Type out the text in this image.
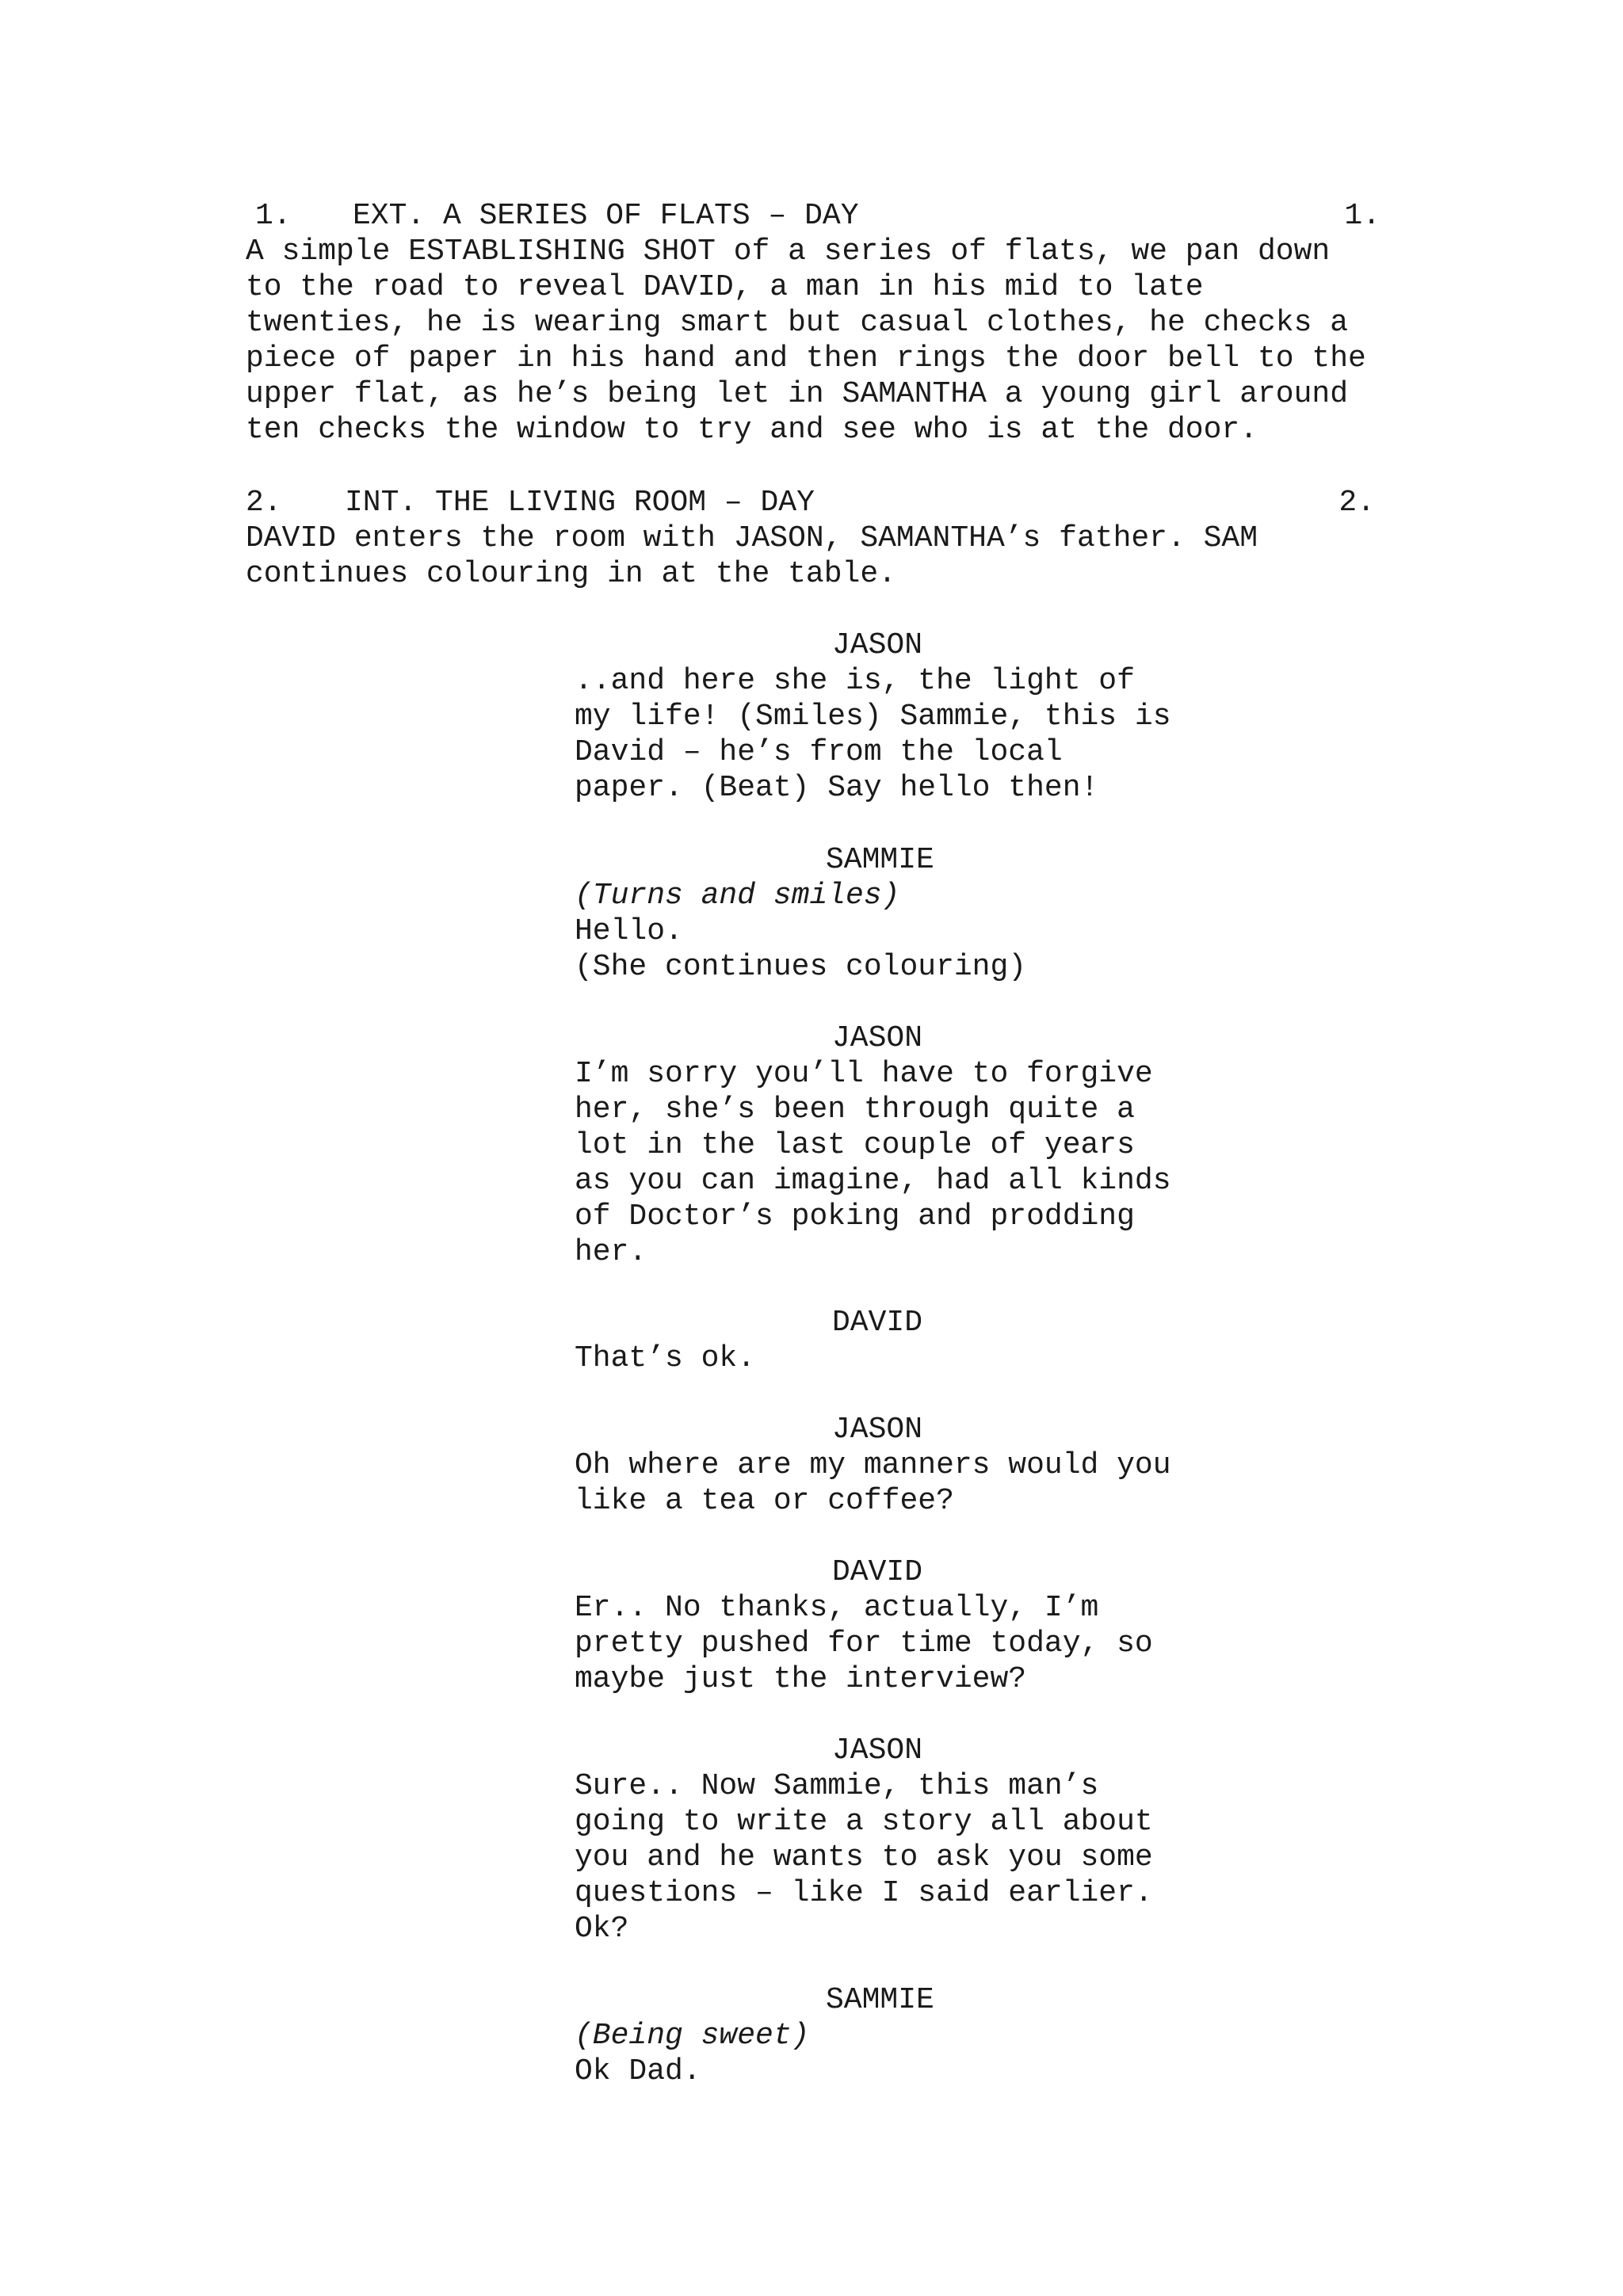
1.

EXT. A SERIES OF FLATS – DAY

	1.

A simple ESTABLISHING SHOT of a series of flats, we pan down
to the road to reveal DAVID, a man in his mid to late
twenties, he is wearing smart but casual clothes, he checks a
piece of paper in his hand and then rings the door bell to the
upper flat, as he’s being let in SAMANTHA a young girl around
ten checks the window to try and see who is at the door.

2.

INT. THE LIVING ROOM – DAY

	2.

DAVID enters the room with JASON, SAMANTHA’s father. SAM
continues colouring in at the table.
JASON
..and here she is, the light of
my life! (Smiles) Sammie, this is
David – he’s from the local
paper. (Beat) Say hello then!
SAMMIE
(Turns and smiles)
Hello.
(She continues colouring)
JASON
I’m sorry you’ll have to forgive
her, she’s been through quite a
lot in the last couple of years
as you can imagine, had all kinds
of Doctor’s poking and prodding
her.
DAVID
That’s ok.
JASON
Oh where are my manners would you
like a tea or coffee?
DAVID
Er.. No thanks, actually, I’m
pretty pushed for time today, so
maybe just the interview?
JASON
Sure.. Now Sammie, this man’s
going to write a story all about
you and he wants to ask you some
questions – like I said earlier.
Ok?
SAMMIE
(Being sweet)
Ok Dad.
